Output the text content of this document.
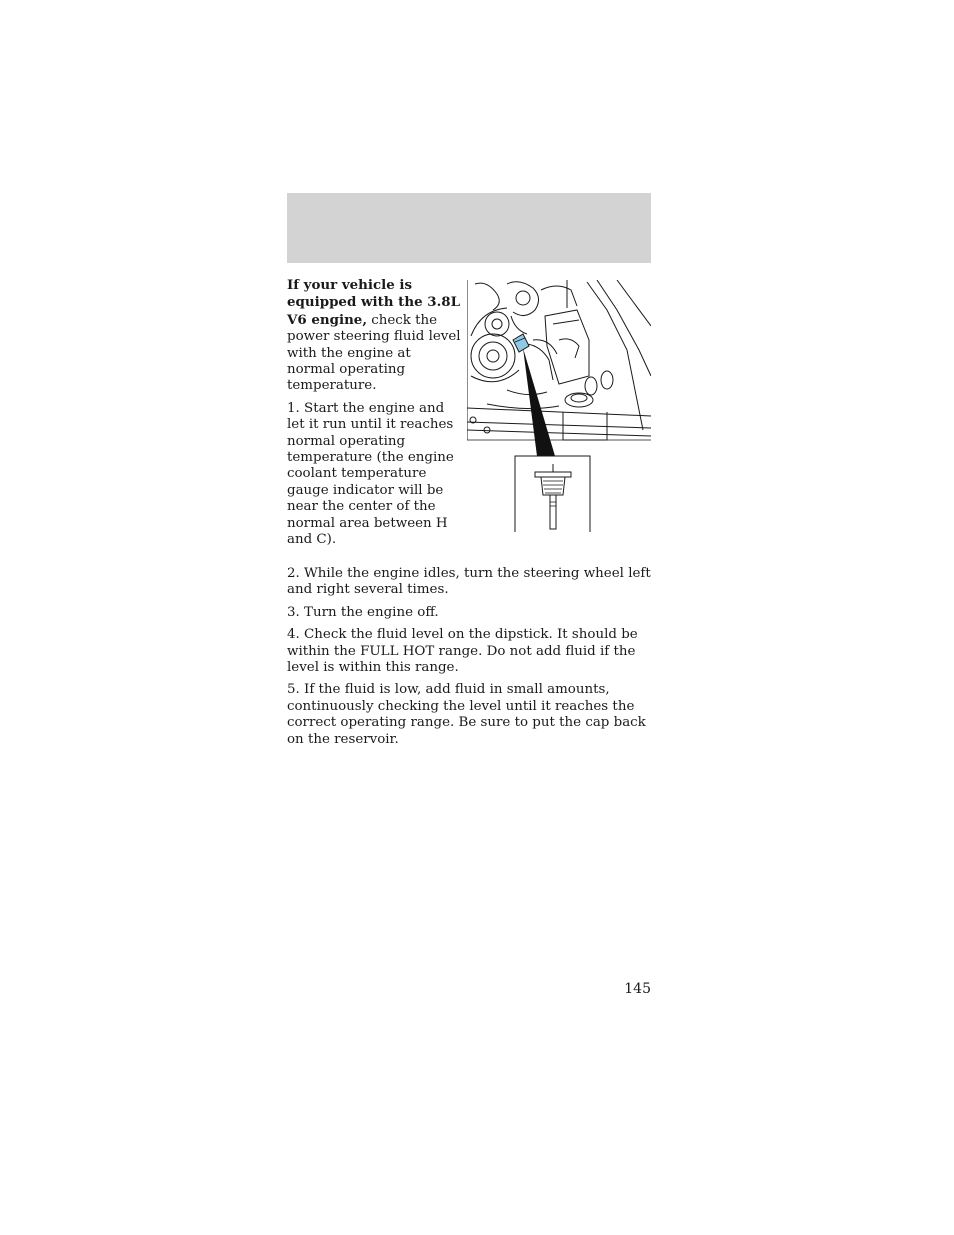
If your vehicle is equipped with the 3.8L V6 engine, check the power steering fluid level with the engine at normal operating temperature.

1. Start the engine and let it run until it reaches normal operating temperature (the engine coolant temperature gauge indicator will be near the center of the normal area between H and C).

2. While the engine idles, turn the steering wheel left and right several times.

3. Turn the engine off.

4. Check the fluid level on the dipstick. It should be within the FULL HOT range. Do not add fluid if the level is within this range.

5. If the fluid is low, add fluid in small amounts, continuously checking the level until it reaches the correct operating range. Be sure to put the cap back on the reservoir.

145
